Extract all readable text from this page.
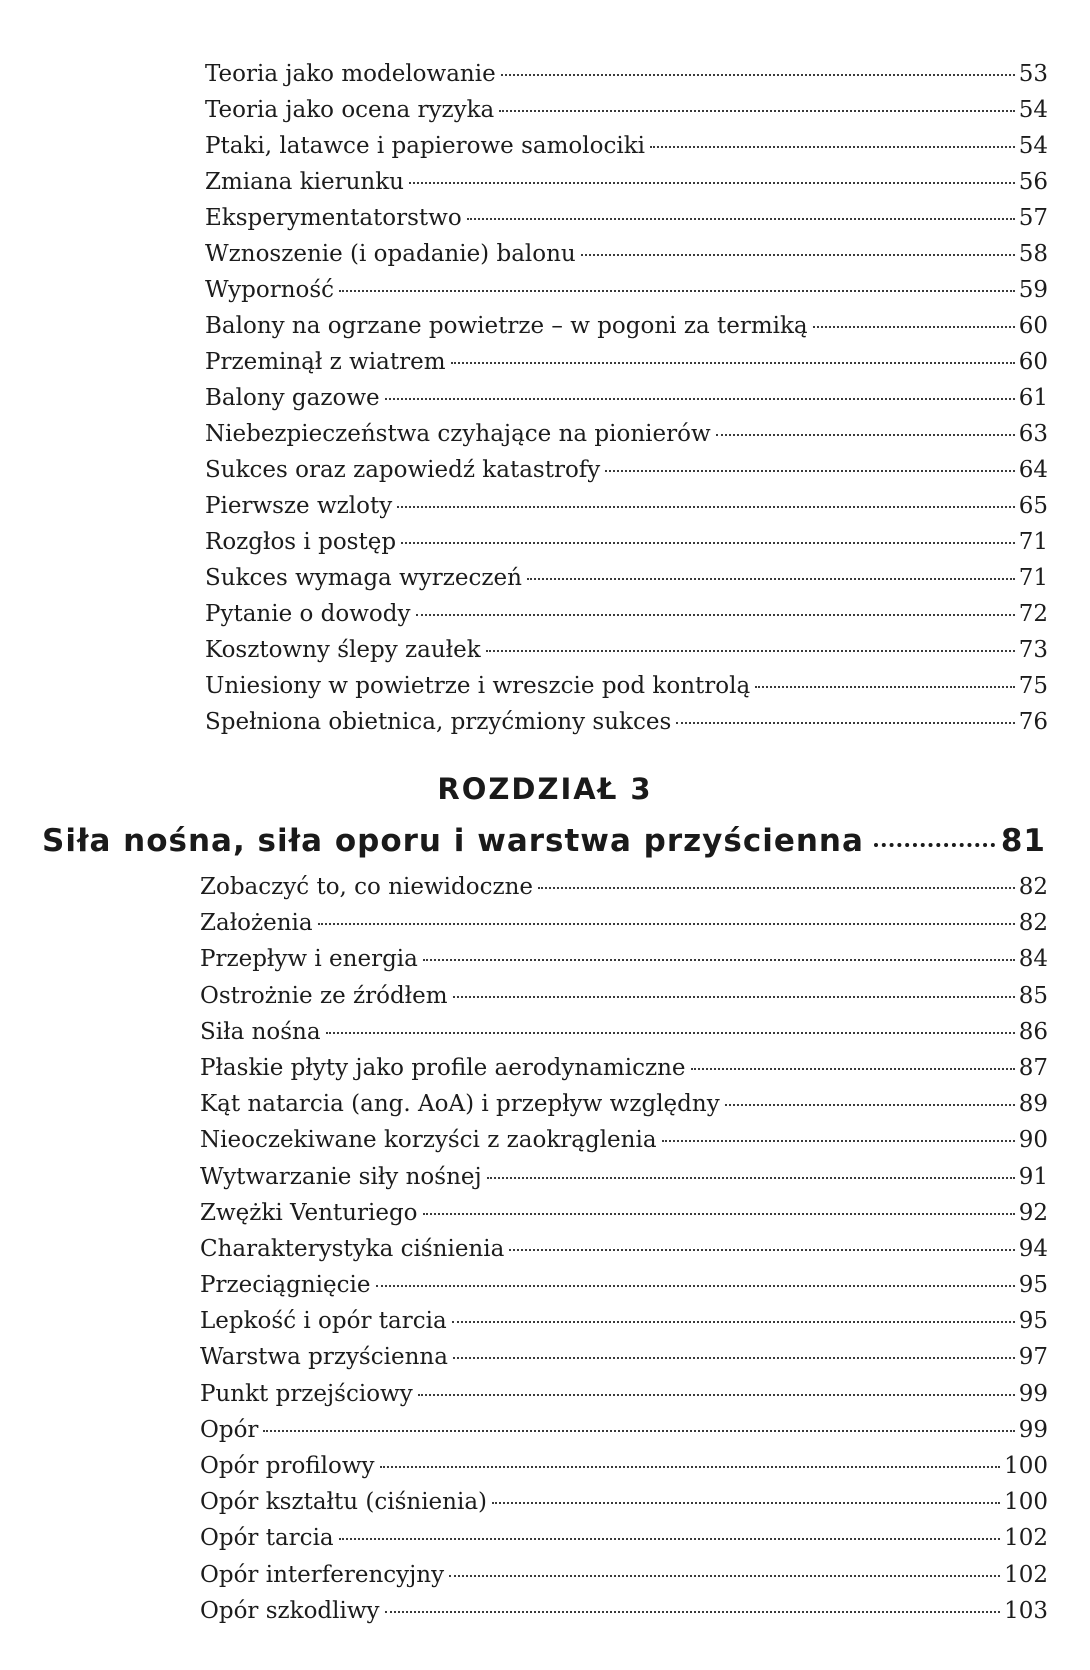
Teoria jako modelowanie	53
Teoria jako ocena ryzyka	54
Ptaki, latawce i papierowe samolociki	54
Zmiana kierunku	56
Eksperymentatorstwo	57
Wznoszenie (i opadanie) balonu	58
Wyporność	59
Balony na ogrzane powietrze – w pogoni za termiką	60
Przeminął z wiatrem	60
Balony gazowe	61
Niebezpieczeństwa czyhające na pionierów	63
Sukces oraz zapowiedź katastrofy	64
Pierwsze wzloty	65
Rozgłos i postęp	71
Sukces wymaga wyrzeczeń	71
Pytanie o dowody	72
Kosztowny ślepy zaułek	73
Uniesiony w powietrze i wreszcie pod kontrolą	75
Spełniona obietnica, przyćmiony sukces	76
ROZDZIAŁ 3
Siła nośna, siła oporu i warstwa przyścienna	81
Zobaczyć to, co niewidoczne	82
Założenia	82
Przepływ i energia	84
Ostrożnie ze źródłem	85
Siła nośna	86
Płaskie płyty jako profile aerodynamiczne	87
Kąt natarcia (ang. AoA) i przepływ względny	89
Nieoczekiwane korzyści z zaokrąglenia	90
Wytwarzanie siły nośnej	91
Zwężki Venturiego	92
Charakterystyka ciśnienia	94
Przeciągnięcie	95
Lepkość i opór tarcia	95
Warstwa przyścienna	97
Punkt przejściowy	99
Opór	99
Opór profilowy	100
Opór kształtu (ciśnienia)	100
Opór tarcia	102
Opór interferencyjny	102
Opór szkodliwy	103
